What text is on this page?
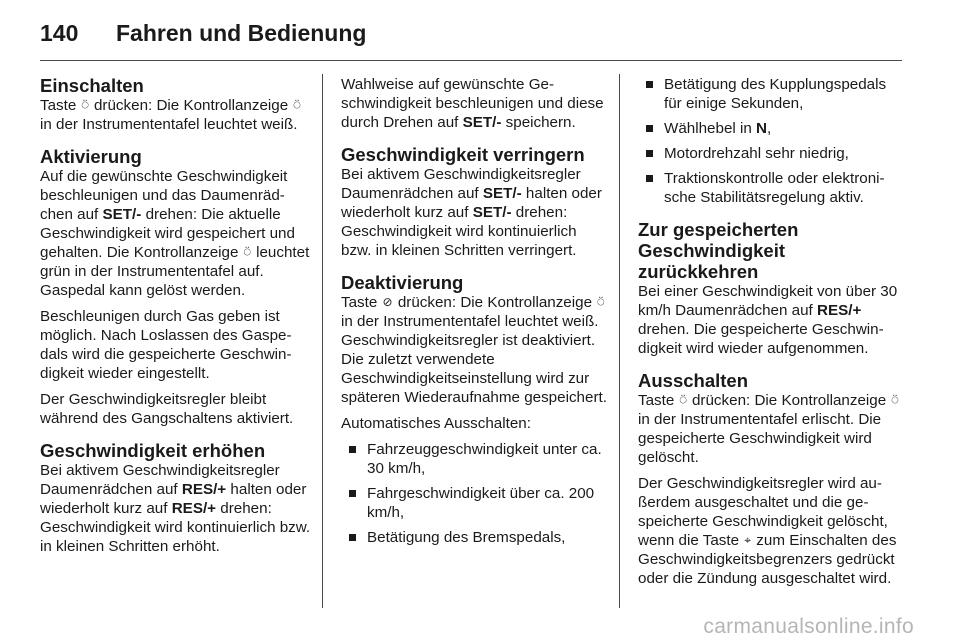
140 Fahren und Bedienung
Einschalten

Taste ⍥ drücken: Die Kontrollanzeige ⍥ in der Instrumententafel leuchtet weiß.

Aktivierung

Auf die gewünschte Geschwindigkeit beschleunigen und das Daumenrädchen auf SET/- drehen: Die aktuelle Geschwindigkeit wird gespeichert und gehalten. Die Kontrollanzeige ⍥ leuchtet grün in der Instrumententafel auf. Gaspedal kann gelöst werden.

Beschleunigen durch Gas geben ist möglich. Nach Loslassen des Gaspedals wird die gespeicherte Geschwindigkeit wieder eingestellt.

Der Geschwindigkeitsregler bleibt während des Gangschaltens aktiviert.

Geschwindigkeit erhöhen

Bei aktivem Geschwindigkeitsregler Daumenrädchen auf RES/+ halten oder wiederholt kurz auf RES/+ drehen: Geschwindigkeit wird kontinuierlich bzw. in kleinen Schritten erhöht.

Wahlweise auf gewünschte Geschwindigkeit beschleunigen und diese durch Drehen auf SET/- speichern.

Geschwindigkeit verringern

Bei aktivem Geschwindigkeitsregler Daumenrädchen auf SET/- halten oder wiederholt kurz auf SET/- drehen: Geschwindigkeit wird kontinuierlich bzw. in kleinen Schritten verringert.

Deaktivierung

Taste ⊘ drücken: Die Kontrollanzeige ⍥ in der Instrumententafel leuchtet weiß. Geschwindigkeitsregler ist deaktiviert. Die zuletzt verwendete Geschwindigkeitseinstellung wird zur späteren Wiederaufnahme gespeichert.

Automatisches Ausschalten:

Fahrzeuggeschwindigkeit unter ca. 30 km/h,
Fahrgeschwindigkeit über ca. 200 km/h,
Betätigung des Bremspedals,
Betätigung des Kupplungspedals für einige Sekunden,
Wählhebel in N,
Motordrehzahl sehr niedrig,
Traktionskontrolle oder elektronische Stabilitätsregelung aktiv.
Zur gespeicherten Geschwindigkeit zurückkehren

Bei einer Geschwindigkeit von über 30 km/h Daumenrädchen auf RES/+ drehen. Die gespeicherte Geschwindigkeit wird wieder aufgenommen.

Ausschalten

Taste ⍥ drücken: Die Kontrollanzeige ⍥ in der Instrumententafel erlischt. Die gespeicherte Geschwindigkeit wird gelöscht.

Der Geschwindigkeitsregler wird außerdem ausgeschaltet und die gespeicherte Geschwindigkeit gelöscht, wenn die Taste ⌖ zum Einschalten des Geschwindigkeitsbegrenzers gedrückt oder die Zündung ausgeschaltet wird.

carmanualsonline.info
